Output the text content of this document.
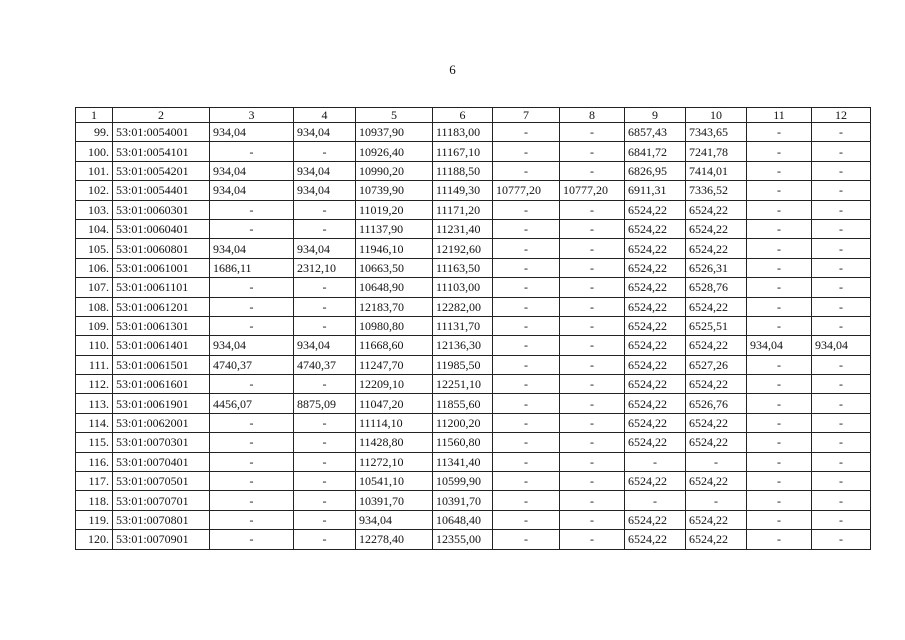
6
1	2	3	4	5	6	7	8	9	10	11	12
99.	53:01:0054001	934,04	934,04	10937,90	11183,00	-	-	6857,43	7343,65	-	-
100.	53:01:0054101	-	-	10926,40	11167,10	-	-	6841,72	7241,78	-	-
101.	53:01:0054201	934,04	934,04	10990,20	11188,50	-	-	6826,95	7414,01	-	-
102.	53:01:0054401	934,04	934,04	10739,90	11149,30	10777,20	10777,20	6911,31	7336,52	-	-
103.	53:01:0060301	-	-	11019,20	11171,20	-	-	6524,22	6524,22	-	-
104.	53:01:0060401	-	-	11137,90	11231,40	-	-	6524,22	6524,22	-	-
105.	53:01:0060801	934,04	934,04	11946,10	12192,60	-	-	6524,22	6524,22	-	-
106.	53:01:0061001	1686,11	2312,10	10663,50	11163,50	-	-	6524,22	6526,31	-	-
107.	53:01:0061101	-	-	10648,90	11103,00	-	-	6524,22	6528,76	-	-
108.	53:01:0061201	-	-	12183,70	12282,00	-	-	6524,22	6524,22	-	-
109.	53:01:0061301	-	-	10980,80	11131,70	-	-	6524,22	6525,51	-	-
110.	53:01:0061401	934,04	934,04	11668,60	12136,30	-	-	6524,22	6524,22	934,04	934,04
111.	53:01:0061501	4740,37	4740,37	11247,70	11985,50	-	-	6524,22	6527,26	-	-
112.	53:01:0061601	-	-	12209,10	12251,10	-	-	6524,22	6524,22	-	-
113.	53:01:0061901	4456,07	8875,09	11047,20	11855,60	-	-	6524,22	6526,76	-	-
114.	53:01:0062001	-	-	11114,10	11200,20	-	-	6524,22	6524,22	-	-
115.	53:01:0070301	-	-	11428,80	11560,80	-	-	6524,22	6524,22	-	-
116.	53:01:0070401	-	-	11272,10	11341,40	-	-	-	-	-	-
117.	53:01:0070501	-	-	10541,10	10599,90	-	-	6524,22	6524,22	-	-
118.	53:01:0070701	-	-	10391,70	10391,70	-	-	-	-	-	-
119.	53:01:0070801	-	-	934,04	10648,40	-	-	6524,22	6524,22	-	-
120.	53:01:0070901	-	-	12278,40	12355,00	-	-	6524,22	6524,22	-	-
